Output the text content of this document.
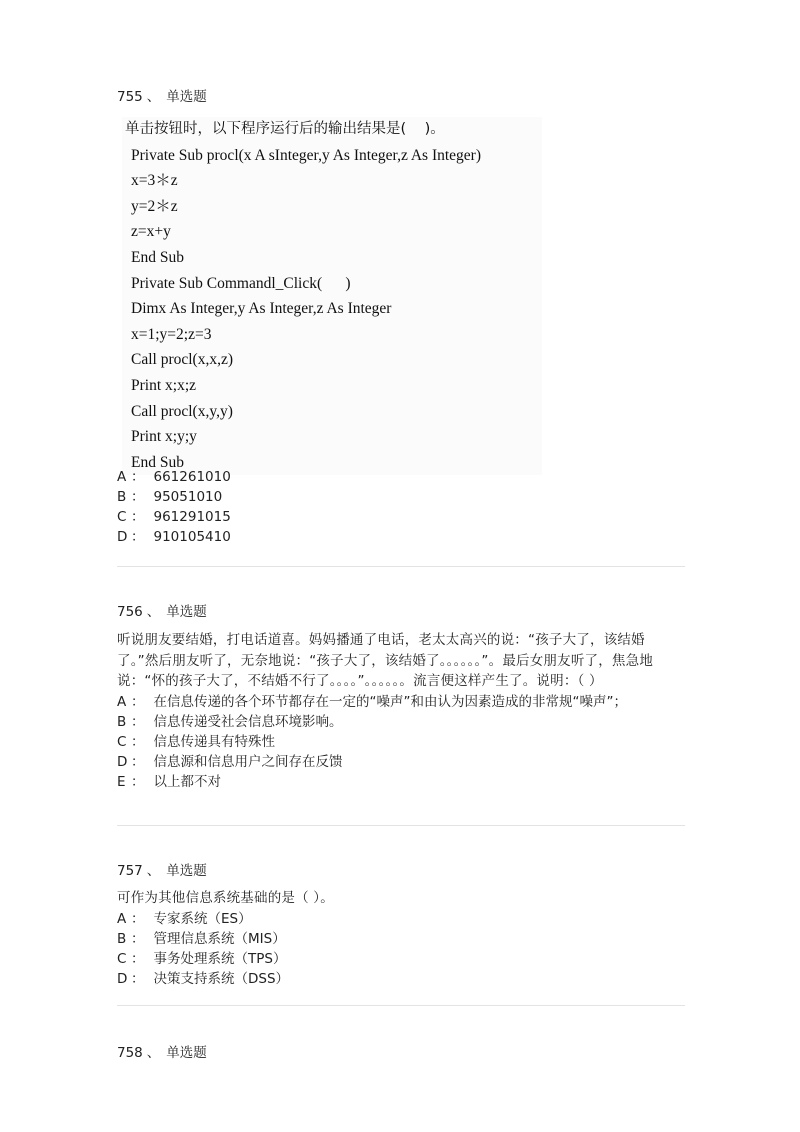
755 、 单选题
单击按钮时，以下程序运行后的输出结果是(    )。
Private Sub procl(x A sInteger,y As Integer,z As Integer)
x=3＊z
y=2＊z
z=x+y
End Sub
Private Sub Commandl_Click(      )
Dimx As Integer,y As Integer,z As Integer
x=1;y=2;z=3
Call procl(x,x,z)
Print x;x;z
Call procl(x,y,y)
Print x;y;y
End Sub
A ： 661261010
B ： 95051010
C ： 961291015
D ： 910105410
756 、 单选题
听说朋友要结婚，打电话道喜。妈妈播通了电话，老太太高兴的说：“孩子大了，该结婚了。”然后朋友听了，无奈地说：“孩子大了，该结婚了。。。。。。”。最后女朋友听了，焦急地说：“怀的孩子大了，不结婚不行了。。。。”。。。。。。流言便这样产生了。说明：（ ）
A ： 在信息传递的各个环节都存在一定的“噪声”和由认为因素造成的非常规“噪声”；
B ： 信息传递受社会信息环境影响。
C ： 信息传递具有特殊性
D ： 信息源和信息用户之间存在反馈
E ： 以上都不对
757 、 单选题
可作为其他信息系统基础的是（ ）。
A ： 专家系统（ES）
B ： 管理信息系统（MIS）
C ： 事务处理系统（TPS）
D ： 决策支持系统（DSS）
758 、 单选题
